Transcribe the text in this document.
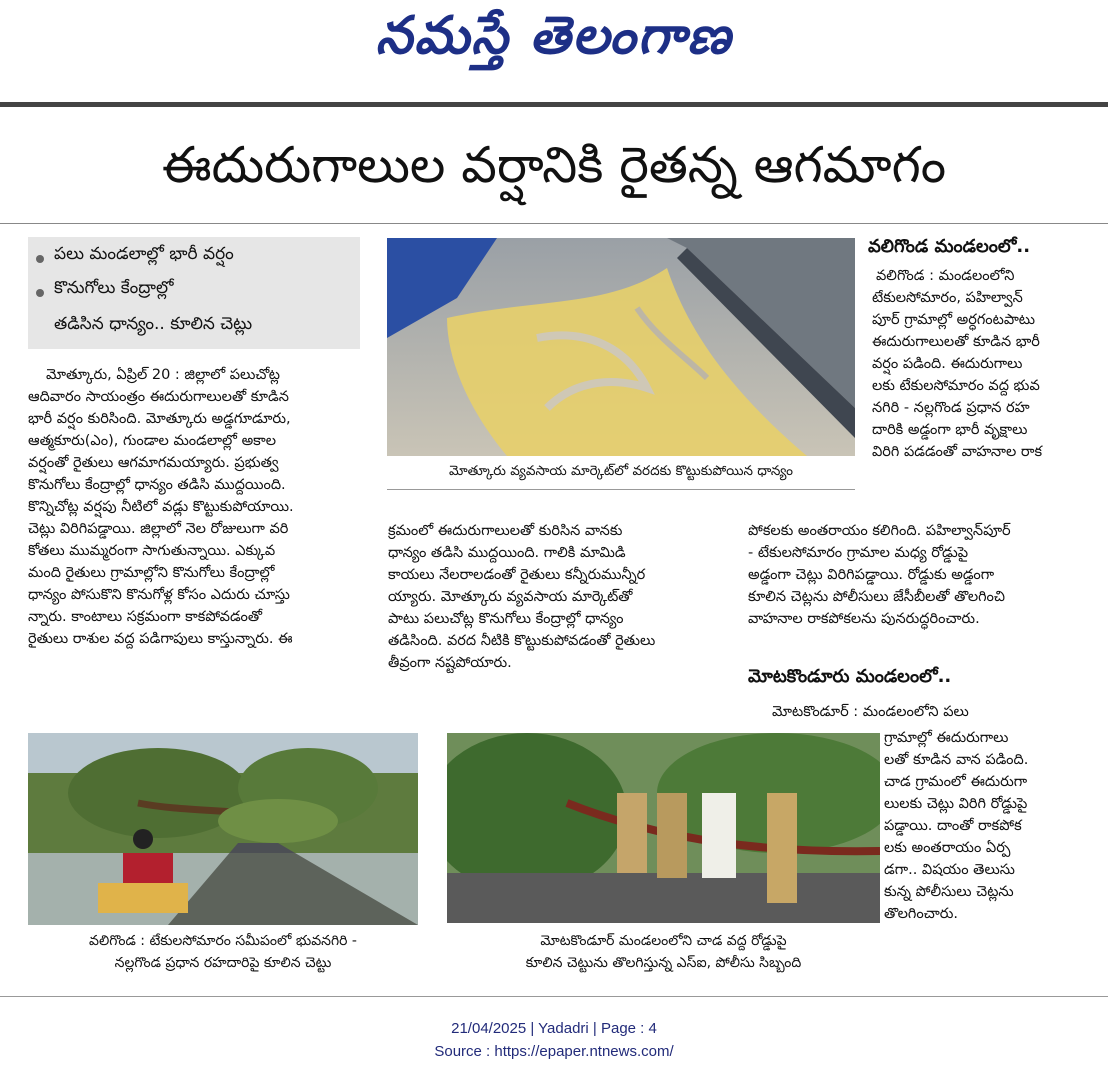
నమస్తే తెలంగాణ
ఈదురుగాలుల వర్షానికి రైతన్న ఆగమాగం
పలు మండలాల్లో భారీ వర్షం
కొనుగోలు కేంద్రాల్లో
తడిసిన ధాన్యం.. కూలిన చెట్లు
మోత్కూరు, ఏప్రిల్ 20 : జిల్లాలో పలుచోట్ల
ఆదివారం సాయంత్రం ఈదురుగాలులతో కూడిన
భారీ వర్షం కురిసింది. మోత్కూరు అడ్డగూడూరు,
ఆత్మకూరు(ఎం), గుండాల మండలాల్లో అకాల
వర్షంతో రైతులు ఆగమాగమయ్యారు. ప్రభుత్వ
కొనుగోలు కేంద్రాల్లో ధాన్యం తడిసి ముద్దయింది.
కొన్నిచోట్ల వర్షపు నీటిలో వడ్లు కొట్టుకుపోయాయి.
చెట్లు విరిగిపడ్డాయి. జిల్లాలో నెల రోజులుగా వరి
కోతలు ముమ్మరంగా సాగుతున్నాయి. ఎక్కువ
మంది రైతులు గ్రామాల్లోని కొనుగోలు కేంద్రాల్లో
ధాన్యం పోసుకొని కొనుగోళ్ల కోసం ఎదురు చూస్తు
న్నారు. కాంటాలు సక్రమంగా కాకపోవడంతో
రైతులు రాశుల వద్ద పడిగాపులు కాస్తున్నారు. ఈ
మోత్కూరు వ్యవసాయ మార్కెట్‌లో వరదకు కొట్టుకుపోయిన ధాన్యం
వలిగొండ మండలంలో..
వలిగొండ : మండలంలోని
టేకులసోమారం, పహిల్వాన్
పూర్ గ్రామాల్లో అర్ధగంటపాటు
ఈదురుగాలులతో కూడిన భారీ
వర్షం పడింది. ఈదురుగాలు
లకు టేకులసోమారం వద్ద భువ
నగిరి - నల్లగొండ ప్రధాన రహ
దారికి అడ్డంగా భారీ వృక్షాలు
విరిగి పడడంతో వాహనాల రాక
క్రమంలో ఈదురుగాలులతో కురిసిన వానకు
ధాన్యం తడిసి ముద్దయింది. గాలికి మామిడి
కాయలు నేలరాలడంతో రైతులు కన్నీరుమున్నీర
య్యారు. మోత్కూరు వ్యవసాయ మార్కెట్‌తో
పాటు పలుచోట్ల కొనుగోలు కేంద్రాల్లో ధాన్యం
తడిసింది. వరద నీటికి కొట్టుకుపోవడంతో రైతులు
తీవ్రంగా నష్టపోయారు.
పోకలకు అంతరాయం కలిగింది. పహిల్వాన్‌పూర్
- టేకులసోమారం గ్రామాల మధ్య రోడ్డుపై
అడ్డంగా చెట్లు విరిగిపడ్డాయి. రోడ్డుకు అడ్డంగా
కూలిన చెట్లను పోలీసులు జేసీబీలతో తొలగించి
వాహనాల రాకపోకలను పునరుద్ధరించారు.
మోటకొండూరు మండలంలో..
మోటకొండూర్ : మండలంలోని పలు
గ్రామాల్లో ఈదురుగాలు
లతో కూడిన వాన పడింది.
చాడ గ్రామంలో ఈదురుగా
లులకు చెట్లు విరిగి రోడ్డుపై
పడ్డాయి. దాంతో రాకపోక
లకు అంతరాయం ఏర్ప
డగా.. విషయం తెలుసు
కున్న పోలీసులు చెట్లను
తొలగించారు.
వలిగొండ : టేకులసోమారం సమీపంలో భువనగిరి -
నల్లగొండ ప్రధాన రహదారిపై కూలిన చెట్టు
మోటకొండూర్ మండలంలోని చాడ వద్ద రోడ్డుపై
కూలిన చెట్టును తొలగిస్తున్న ఎస్ఐ, పోలీసు సిబ్బంది
21/04/2025 | Yadadri | Page : 4
Source : https://epaper.ntnews.com/
